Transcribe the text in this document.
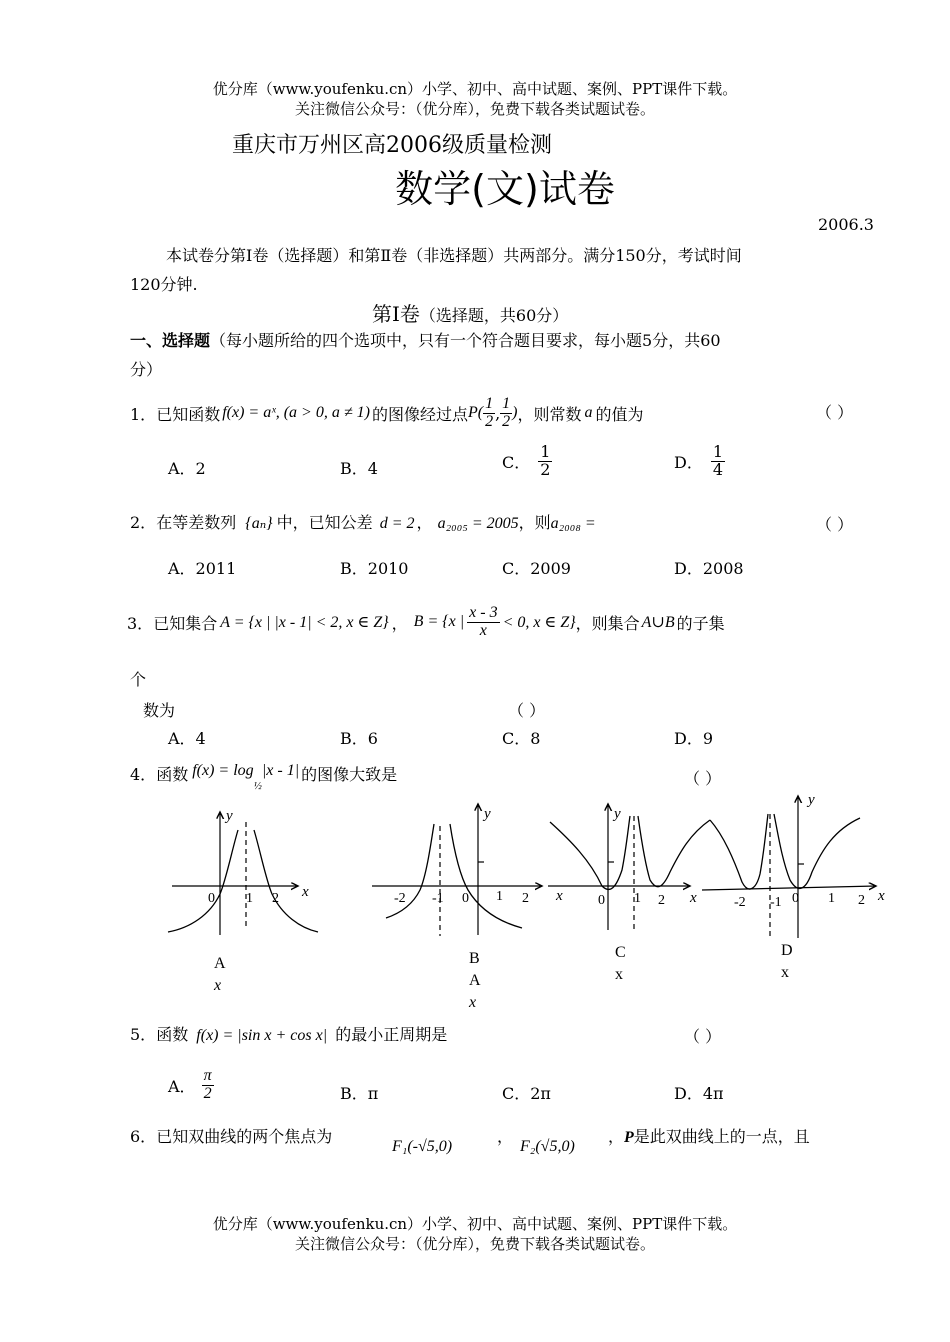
优分库（www.youfenku.cn）小学、初中、高中试题、案例、PPT课件下载。
关注微信公众号：（优分库），免费下载各类试题试卷。
重庆市万州区高2006级质量检测
数学(文)试卷
2006.3
本试卷分第Ⅰ卷（选择题）和第Ⅱ卷（非选择题）共两部分。满分150分，考试时间
120分钟.
第Ⅰ卷（选择题，共60分）
一、选择题（每小题所给的四个选项中，只有一个符合题目要求，每小题5分，共60
分）
1． 已知函数 f(x) = aˣ, (a > 0, a ≠ 1) 的图像经过点 $P( \frac{1}{2}$ , $\frac{1}{2}$ ) ，则常数 a 的值为	（ ）
A．2	B．4	C． $\frac{1}{2}$	D． $\frac{1}{4}$
2．在等差数列 {aₙ} 中，已知公差 d = 2 ， a₂₀₀₅ = 2005，则a₂₀₀₈ =	（ ）
A．2011	B．2010	C．2009	D．2008
3． 已知集合 A = {x | |x - 1| < 2, x ∈ Z} ， B = {x | $\frac{x - 3}{x} < 0$, x ∈ Z} ，则集合 A∪B 的子集
个
数为	（ ）
A．4	B．6	C．8	D．9
4． 函数 f(x) = log
½
|x - 1| 的图像大致是	（ ）
x
y
0 1 2
y
-2 -1 0 1 2 x
y
0 1 2 x
y
-2 -1 0 1 2 x
A
x
B
A
x
C
x
D
x
5．函数 f(x) = |sin x + cos x| 的最小正周期是	（ ）
A． $\frac{\pi}{2}$	B．π	C．2π	D．4π
6．已知双曲线的两个焦点为
F₁(-√5,0)
，
F₂(√5,0)
，P是此双曲线上的一点，且
优分库（www.youfenku.cn）小学、初中、高中试题、案例、PPT课件下载。
关注微信公众号：（优分库），免费下载各类试题试卷。
